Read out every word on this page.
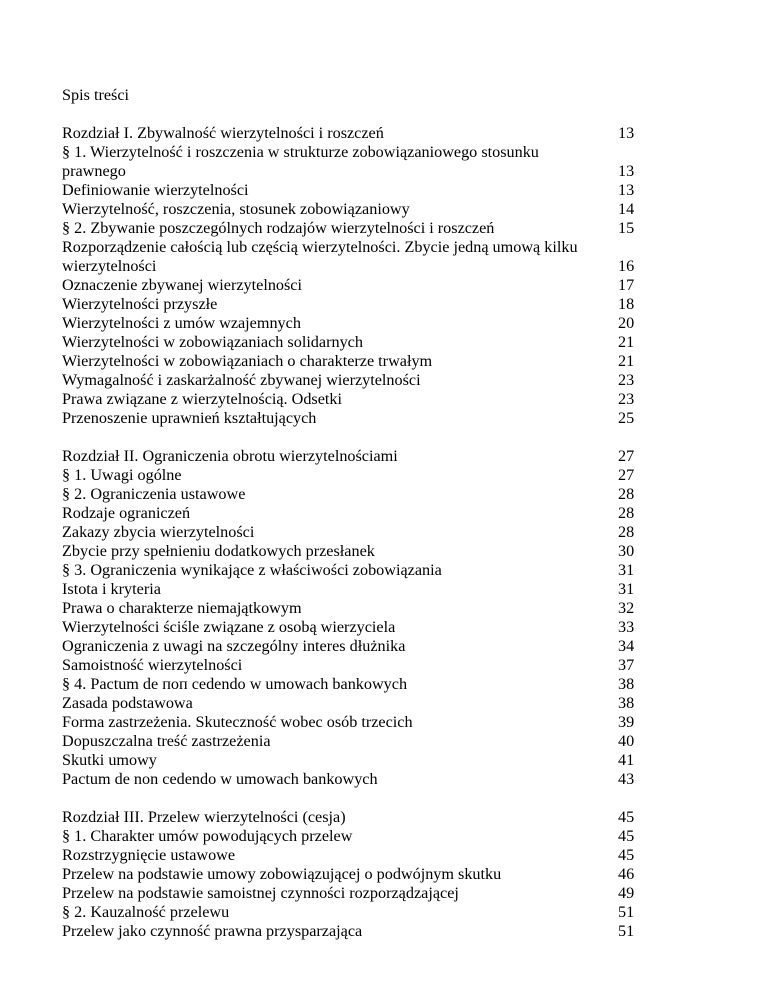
Spis treści
Rozdział I. Zbywalność wierzytelności i roszczeń	13
§ 1. Wierzytelność i roszczenia w strukturze zobowiązaniowego stosunku prawnego	13
Definiowanie wierzytelności	13
Wierzytelność, roszczenia, stosunek zobowiązaniowy	14
§ 2. Zbywanie poszczególnych rodzajów wierzytelności i roszczeń	15
Rozporządzenie całością lub częścią wierzytelności. Zbycie jedną umową kilku wierzytelności	16
Oznaczenie zbywanej wierzytelności	17
Wierzytelności przyszłe	18
Wierzytelności z umów wzajemnych	20
Wierzytelności w zobowiązaniach solidarnych	21
Wierzytelności w zobowiązaniach o charakterze trwałym	21
Wymagalność i zaskarżalność zbywanej wierzytelności	23
Prawa związane z wierzytelnością. Odsetki	23
Przenoszenie uprawnień kształtujących	25
Rozdział II. Ograniczenia obrotu wierzytelnościami	27
§ 1. Uwagi ogólne	27
§ 2. Ograniczenia ustawowe	28
Rodzaje ograniczeń	28
Zakazy zbycia wierzytelności	28
Zbycie przy spełnieniu dodatkowych przesłanek	30
§ 3. Ograniczenia wynikające z właściwości zobowiązania	31
Istota i kryteria	31
Prawa o charakterze niemajątkowym	32
Wierzytelności ściśle związane z osobą wierzyciela	33
Ograniczenia z uwagi na szczególny interes dłużnika	34
Samoistność wierzytelności	37
§ 4. Pactum de пoп cedendo w umowach bankowych	38
Zasada podstawowa	38
Forma zastrzeżenia. Skuteczność wobec osób trzecich	39
Dopuszczalna treść zastrzeżenia	40
Skutki umowy	41
Pactum de non cedendo w umowach bankowych	43
Rozdział III. Przelew wierzytelności (cesja)	45
§ 1. Charakter umów powodujących przelew	45
Rozstrzygnięcie ustawowe	45
Przelew na podstawie umowy zobowiązującej o podwójnym skutku	46
Przelew na podstawie samoistnej czynności rozporządzającej	49
§ 2. Kauzalność przelewu	51
Przelew jako czynność prawna przysparzająca	51
